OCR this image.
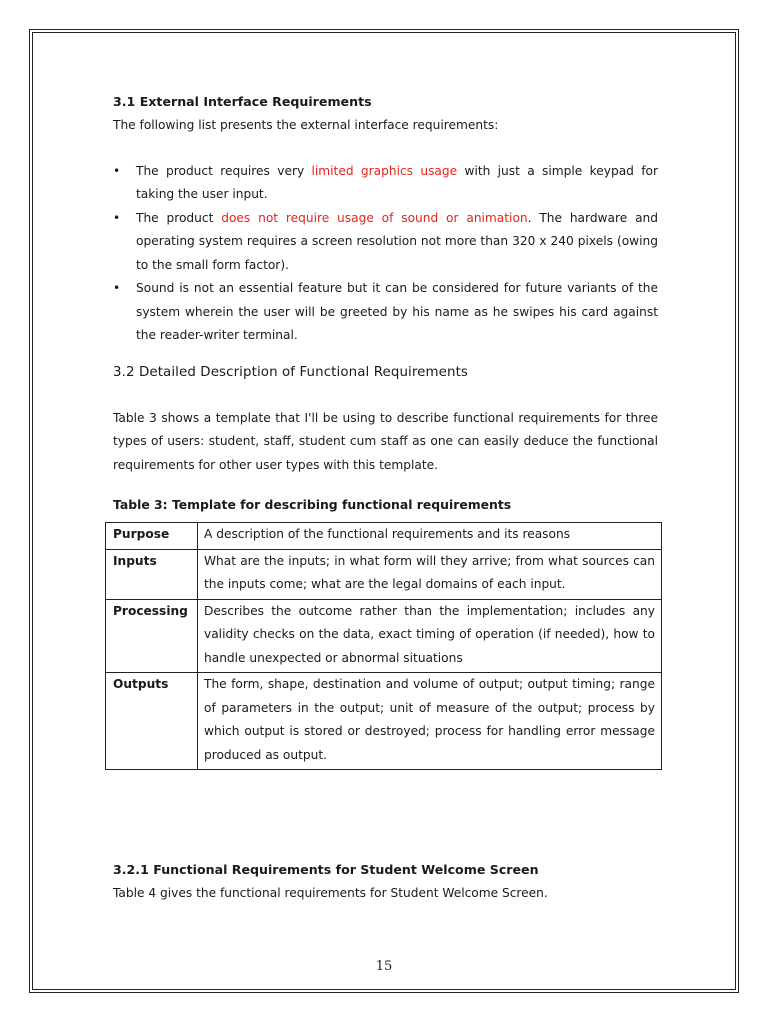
3.1 External Interface Requirements

The following list presents the external interface requirements:

• The product requires very limited graphics usage with just a simple keypad for taking the user input.
• The product does not require usage of sound or animation. The hardware and operating system requires a screen resolution not more than 320 x 240 pixels (owing to the small form factor).
• Sound is not an essential feature but it can be considered for future variants of the system wherein the user will be greeted by his name as he swipes his card against the reader-writer terminal.
3.2 Detailed Description of Functional Requirements

Table 3 shows a template that I'll be using to describe functional requirements for three types of users: student, staff, student cum staff as one can easily deduce the functional requirements for other user types with this template.

Table 3: Template for describing functional requirements
Purpose	A description of the functional requirements and its reasons
Inputs	What are the inputs; in what form will they arrive; from what sources can the inputs come; what are the legal domains of each input.
Processing	Describes the outcome rather than the implementation; includes any validity checks on the data, exact timing of operation (if needed), how to handle unexpected or abnormal situations
Outputs	The form, shape, destination and volume of output; output timing; range of parameters in the output; unit of measure of the output; process by which output is stored or destroyed; process for handling error message produced as output.
3.2.1 Functional Requirements for Student Welcome Screen

Table 4 gives the functional requirements for Student Welcome Screen.

15
